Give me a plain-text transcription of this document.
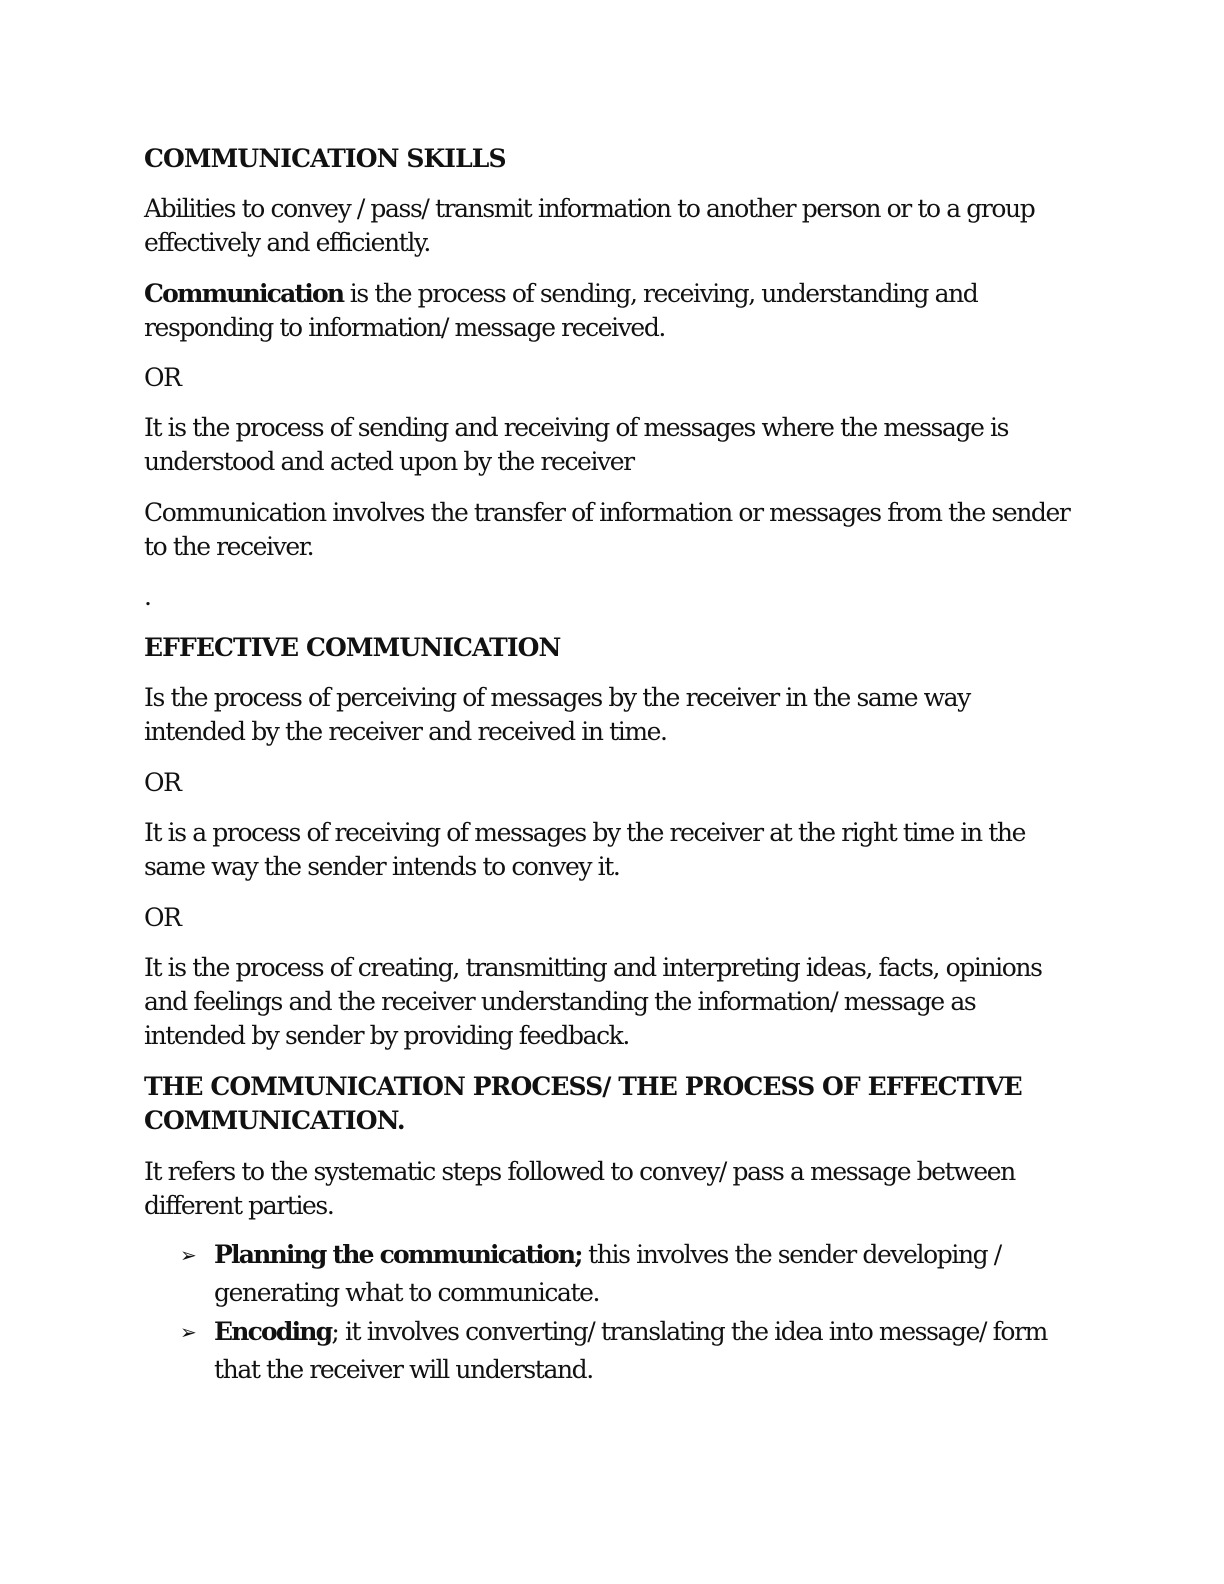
COMMUNICATION SKILLS
Abilities to convey / pass/ transmit information to another person or to a group effectively and efficiently.
Communication is the process of sending, receiving, understanding and responding to information/ message received.
OR
It is the process of sending and receiving of messages where the message is understood and acted upon by the receiver
Communication involves the transfer of information or messages from the sender to the receiver.
.
EFFECTIVE COMMUNICATION
Is the process of perceiving of messages by the receiver in the same way intended by the receiver and received in time.
OR
It is a process of receiving of messages by the receiver at the right time in the same way the sender intends to convey it.
OR
It is the process of creating, transmitting and interpreting ideas, facts, opinions and feelings and the receiver understanding the information/ message as intended by sender by providing feedback.
THE COMMUNICATION PROCESS/ THE PROCESS OF EFFECTIVE COMMUNICATION.
It refers to the systematic steps followed to convey/ pass a message between different parties.
➢ Planning the communication; this involves the sender developing / generating what to communicate.
➢ Encoding; it involves converting/ translating the idea into message/ form that the receiver will understand.
